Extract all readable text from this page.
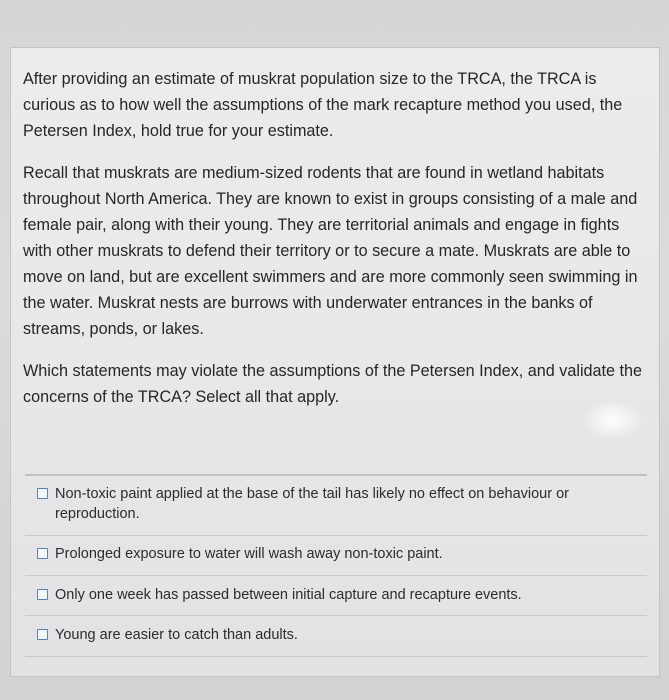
After providing an estimate of muskrat population size to the TRCA, the TRCA is curious as to how well the assumptions of the mark recapture method you used, the Petersen Index, hold true for your estimate.

Recall that muskrats are medium-sized rodents that are found in wetland habitats throughout North America. They are known to exist in groups consisting of a male and female pair, along with their young. They are territorial animals and engage in fights with other muskrats to defend their territory or to secure a mate. Muskrats are able to move on land, but are excellent swimmers and are more commonly seen swimming in the water. Muskrat nests are burrows with underwater entrances in the banks of streams, ponds, or lakes.

Which statements may violate the assumptions of the Petersen Index, and validate the concerns of the TRCA? Select all that apply.

Non-toxic paint applied at the base of the tail has likely no effect on behaviour or reproduction.
Prolonged exposure to water will wash away non-toxic paint.
Only one week has passed between initial capture and recapture events.
Young are easier to catch than adults.
